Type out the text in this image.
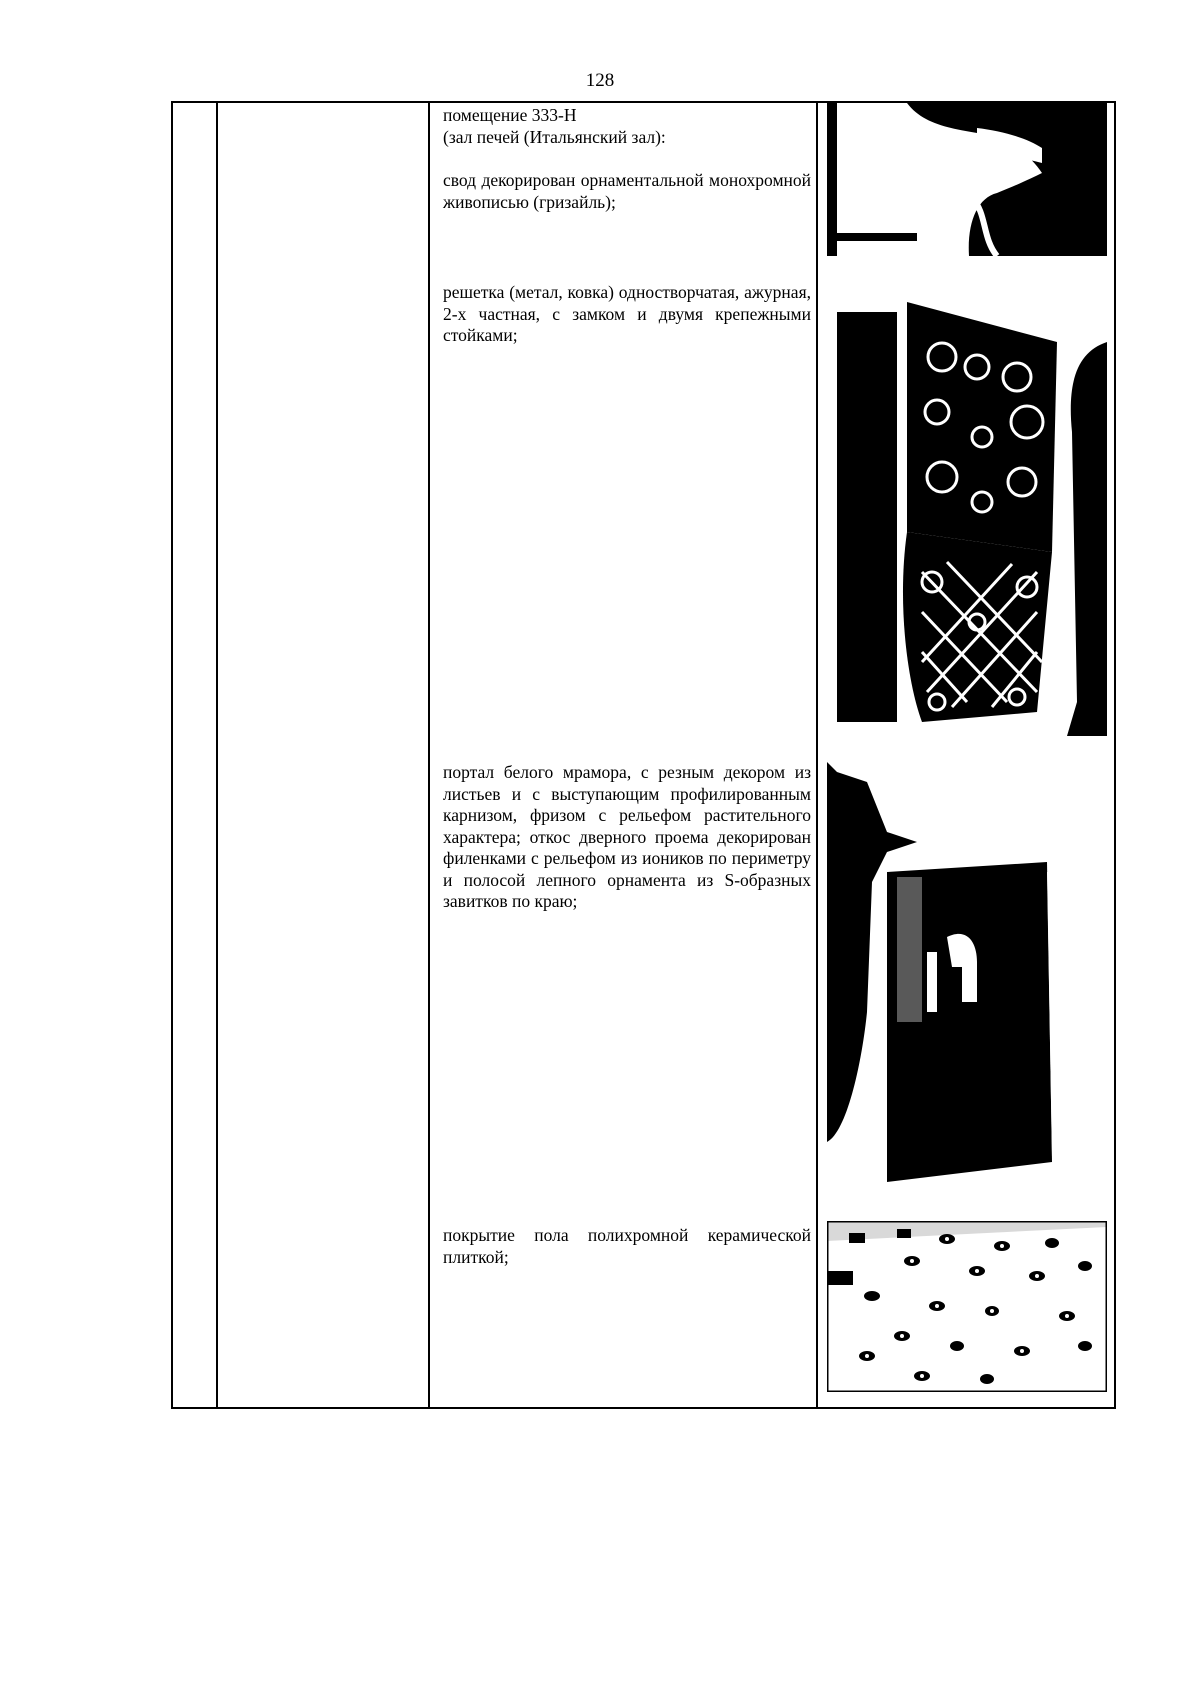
128

помещение 333-Н

(зал печей (Итальянский зал):

свод декорирован орнаментальной монохромной живописью (гризайль);
решетка (метал, ковка) одностворчатая, ажурная, 2-х частная, с замком и двумя крепежными стойками;
портал белого мрамора, с резным декором из листьев и с выступающим профилированным карнизом, фризом с рельефом растительного характера; откос дверного проема декорирован филенками с рельефом из иоников по периметру и полосой лепного орнамента из S-образных завитков по краю;
покрытие пола полихромной керамической плиткой;
